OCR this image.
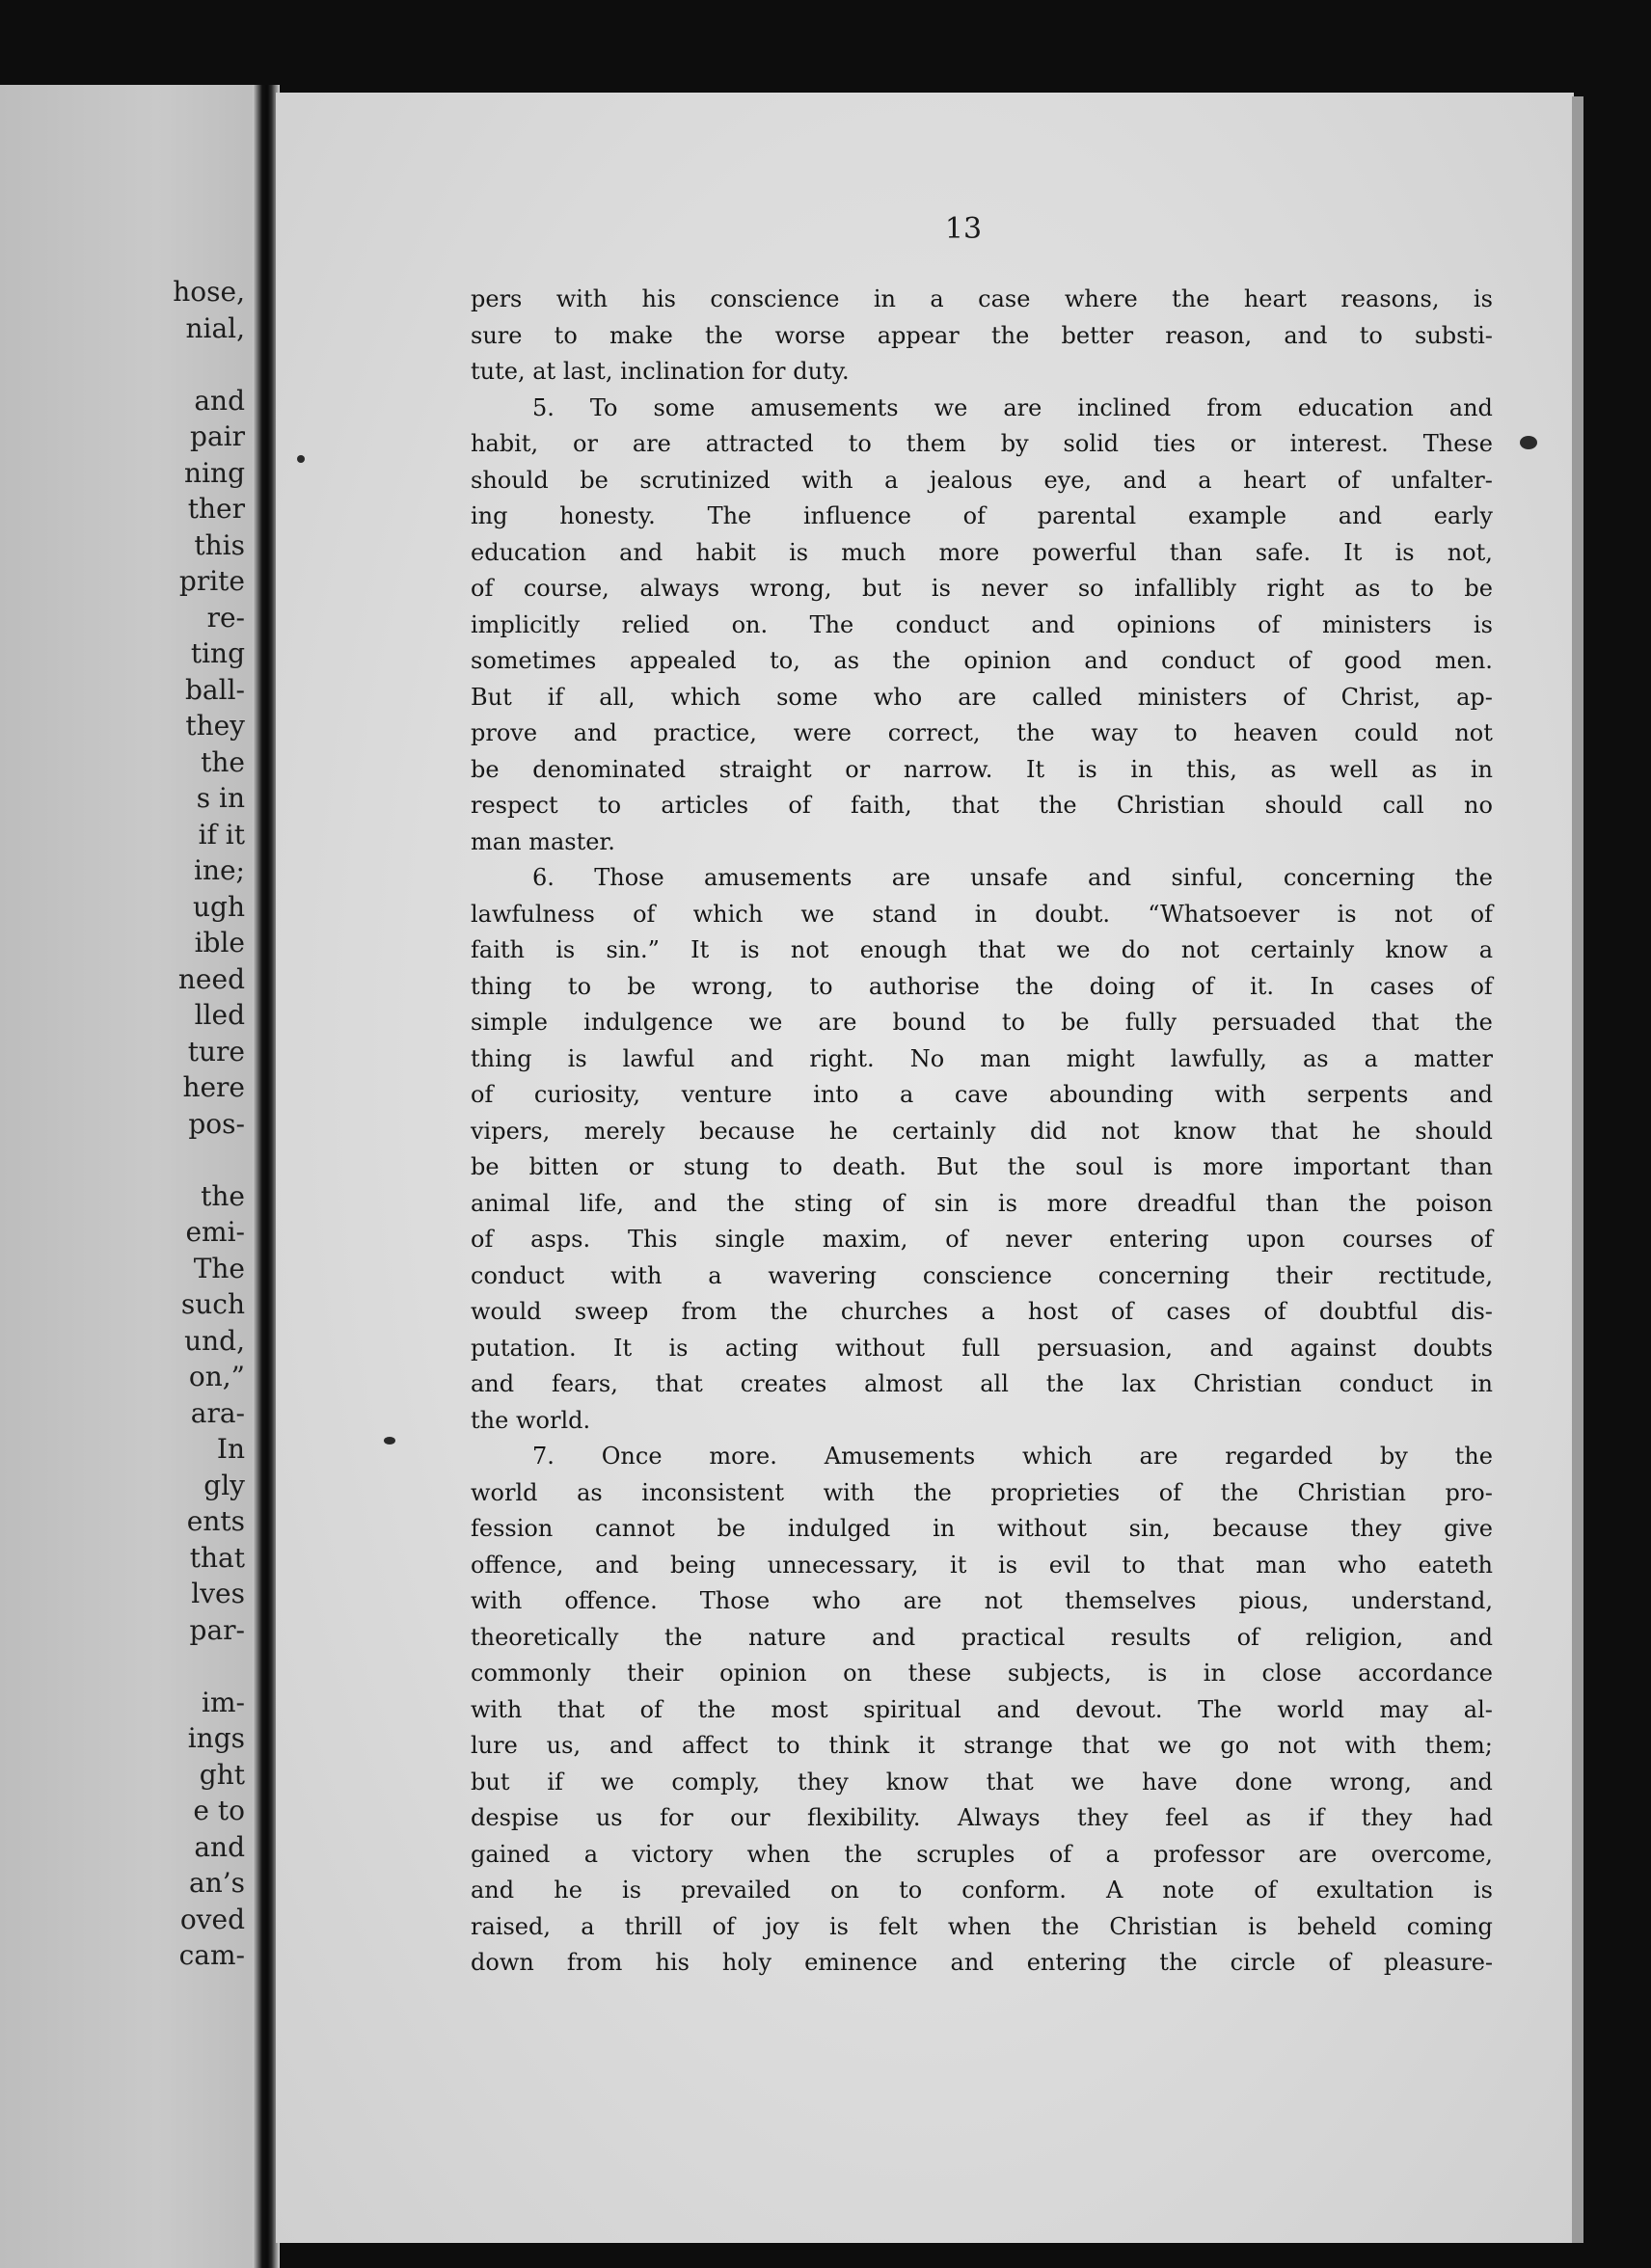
hose,
nial,
and
pair
ning
ther
this
prite
re-
ting
ball-
they
the
s in
if it
ine;
ugh
ible
need
lled
ture
here
pos-
the
emi-
The
such
und,
on,”
ara-
In
gly
ents
that
lves
par-
im-
ings
ght
e to
and
an’s
oved
cam-
13
pers with his conscience in a case where the heart reasons, is
sure to make the worse appear the better reason, and to substi-
tute, at last, inclination for duty.
5. To some amusements we are inclined from education and
habit, or are attracted to them by solid ties or interest. These
should be scrutinized with a jealous eye, and a heart of unfalter-
ing honesty. The influence of parental example and early
education and habit is much more powerful than safe. It is not,
of course, always wrong, but is never so infallibly right as to be
implicitly relied on. The conduct and opinions of ministers is
sometimes appealed to, as the opinion and conduct of good men.
But if all, which some who are called ministers of Christ, ap-
prove and practice, were correct, the way to heaven could not
be denominated straight or narrow. It is in this, as well as in
respect to articles of faith, that the Christian should call no
man master.
6. Those amusements are unsafe and sinful, concerning the
lawfulness of which we stand in doubt. “Whatsoever is not of
faith is sin.” It is not enough that we do not certainly know a
thing to be wrong, to authorise the doing of it. In cases of
simple indulgence we are bound to be fully persuaded that the
thing is lawful and right. No man might lawfully, as a matter
of curiosity, venture into a cave abounding with serpents and
vipers, merely because he certainly did not know that he should
be bitten or stung to death. But the soul is more important than
animal life, and the sting of sin is more dreadful than the poison
of asps. This single maxim, of never entering upon courses of
conduct with a wavering conscience concerning their rectitude,
would sweep from the churches a host of cases of doubtful dis-
putation. It is acting without full persuasion, and against doubts
and fears, that creates almost all the lax Christian conduct in
the world.
7. Once more. Amusements which are regarded by the
world as inconsistent with the proprieties of the Christian pro-
fession cannot be indulged in without sin, because they give
offence, and being unnecessary, it is evil to that man who eateth
with offence. Those who are not themselves pious, understand,
theoretically the nature and practical results of religion, and
commonly their opinion on these subjects, is in close accordance
with that of the most spiritual and devout. The world may al-
lure us, and affect to think it strange that we go not with them;
but if we comply, they know that we have done wrong, and
despise us for our flexibility. Always they feel as if they had
gained a victory when the scruples of a professor are overcome,
and he is prevailed on to conform. A note of exultation is
raised, a thrill of joy is felt when the Christian is beheld coming
down from his holy eminence and entering the circle of pleasure-
